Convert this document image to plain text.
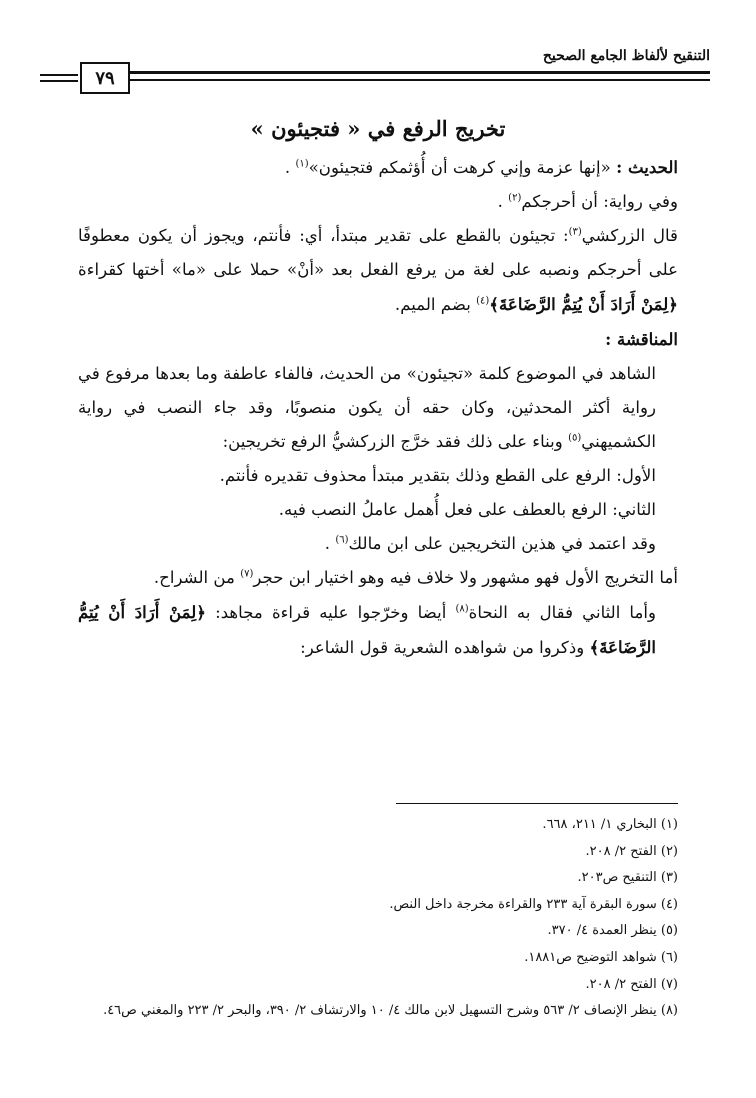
التنقيح لألفاظ الجامع الصحيح
٧٩
تخريج الرفع في « فتجيئون »

الحديث : «إنها عزمة وإني كرهت أن أُؤثمكم فتجيئون»$^{(١)}$ .

وفي رواية: أن أحرجكم$^{(٢)}$ .

قال الزركشي$^{(٣)}$: تجيئون بالقطع على تقدير مبتدأ، أي: فأنتم، ويجوز أن يكون معطوفًا على أحرجكم ونصبه على لغة من يرفع الفعل بعد «أنْ» حملا على «ما» أختها كقراءة ﴿لِمَنْ أَرَادَ أَنْ يُتِمُّ الرَّضَاعَةَ﴾$^{(٤)}$ بضم الميم.

المناقشة :

الشاهد في الموضوع كلمة «تجيئون» من الحديث، فالفاء عاطفة وما بعدها مرفوع في رواية أكثر المحدثين، وكان حقه أن يكون منصوبًا، وقد جاء النصب في رواية الكشميهني$^{(٥)}$ وبناء على ذلك فقد خرَّج الزركشيُّ الرفع تخريجين:

الأول: الرفع على القطع وذلك بتقدير مبتدأ محذوف تقديره فأنتم.

الثاني: الرفع بالعطف على فعل أُهمل عاملُ النصب فيه.

وقد اعتمد في هذين التخريجين على ابن مالك$^{(٦)}$ .

أما التخريج الأول فهو مشهور ولا خلاف فيه وهو اختيار ابن حجر$^{(٧)}$ من الشراح.

وأما الثاني فقال به النحاة$^{(٨)}$ أيضا وخرّجوا عليه قراءة مجاهد: ﴿لِمَنْ أَرَادَ أَنْ يُتِمُّ الرَّضَاعَةَ﴾ وذكروا من شواهده الشعرية قول الشاعر:

(١) البخاري ١/ ٢١١، ٦٦٨.
(٢) الفتح ٢/ ٢٠٨.
(٣) التنقيح ص٢٠٣.
(٤) سورة البقرة آية ٢٣٣ والقراءة مخرجة داخل النص.
(٥) ينظر العمدة ٤/ ٣٧٠.
(٦) شواهد التوضيح ص١٨٨١.
(٧) الفتح ٢/ ٢٠٨.
(٨) ينظر الإنصاف ٢/ ٥٦٣ وشرح التسهيل لابن مالك ٤/ ١٠ والارتشاف ٢/ ٣٩٠، والبحر ٢/ ٢٢٣ والمغني ص٤٦.
